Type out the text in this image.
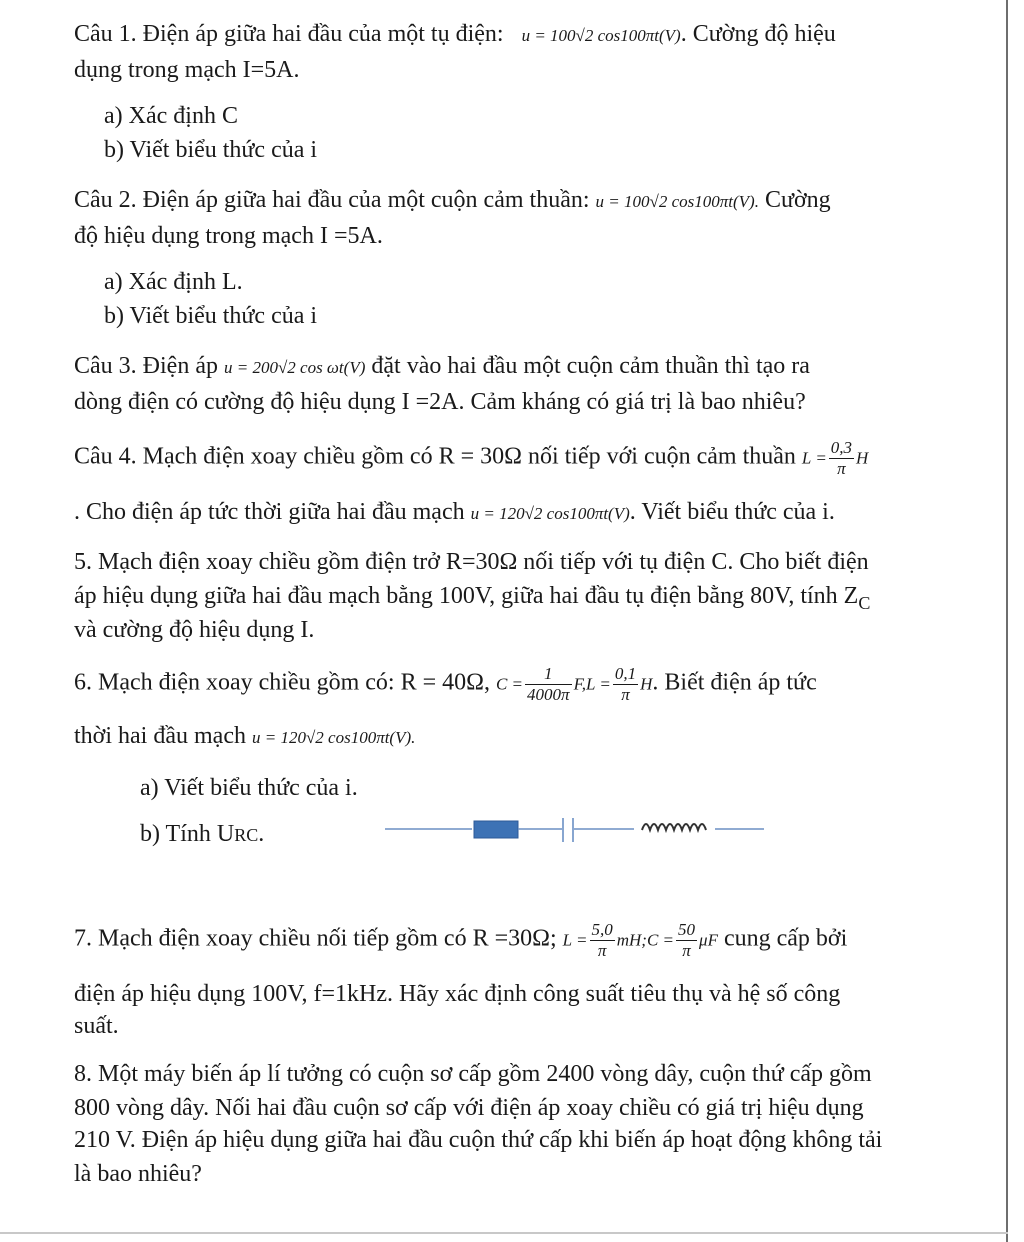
Câu 1. Điện áp giữa hai đầu của một tụ điện: u = 100√2 cos100πt(V). Cường độ hiệu
dụng trong mạch I=5A.
a) Xác định C
b) Viết biểu thức của i
Câu 2. Điện áp giữa hai đầu của một cuộn cảm thuần: u = 100√2 cos100πt(V). Cường
độ hiệu dụng trong mạch I =5A.
a) Xác định L.
b) Viết biểu thức của i
Câu 3. Điện áp u = 200√2 cos ωt(V) đặt vào hai đầu một cuộn cảm thuần thì tạo ra
dòng điện có cường độ hiệu dụng I =2A. Cảm kháng có giá trị là bao nhiêu?
Câu 4. Mạch điện xoay chiều gồm có R = 30Ω nối tiếp với cuộn cảm thuần $L = \frac{0,3}{\pi}$ H
. Cho điện áp tức thời giữa hai đầu mạch u = 120√2 cos100πt(V). Viết biểu thức của i.
5. Mạch điện xoay chiều gồm điện trở R=30Ω nối tiếp với tụ điện C. Cho biết điện
áp hiệu dụng giữa hai đầu mạch bằng 100V, giữa hai đầu tụ điện bằng 80V, tính $Z_C$
và cường độ hiệu dụng I.
6. Mạch điện xoay chiều gồm có: R = 40Ω, $C = \frac{1}{4000\pi} F,L = \frac{0,1}{\pi} H$. Biết điện áp tức
thời hai đầu mạch u = 120√2 cos100πt(V).
a) Viết biểu thức của i.
b) Tính URC.
7. Mạch điện xoay chiều nối tiếp gồm có R =30Ω; $L = \frac{5,0}{\pi}$ mH;C = $\frac{50}{\pi}$ μF cung cấp bởi
điện áp hiệu dụng 100V, f=1kHz. Hãy xác định công suất tiêu thụ và hệ số công
suất.
8. Một máy biến áp lí tưởng có cuộn sơ cấp gồm 2400 vòng dây, cuộn thứ cấp gồm
800 vòng dây. Nối hai đầu cuộn sơ cấp với điện áp xoay chiều có giá trị hiệu dụng
210 V. Điện áp hiệu dụng giữa hai đầu cuộn thứ cấp khi biến áp hoạt động không tải
là bao nhiêu?
